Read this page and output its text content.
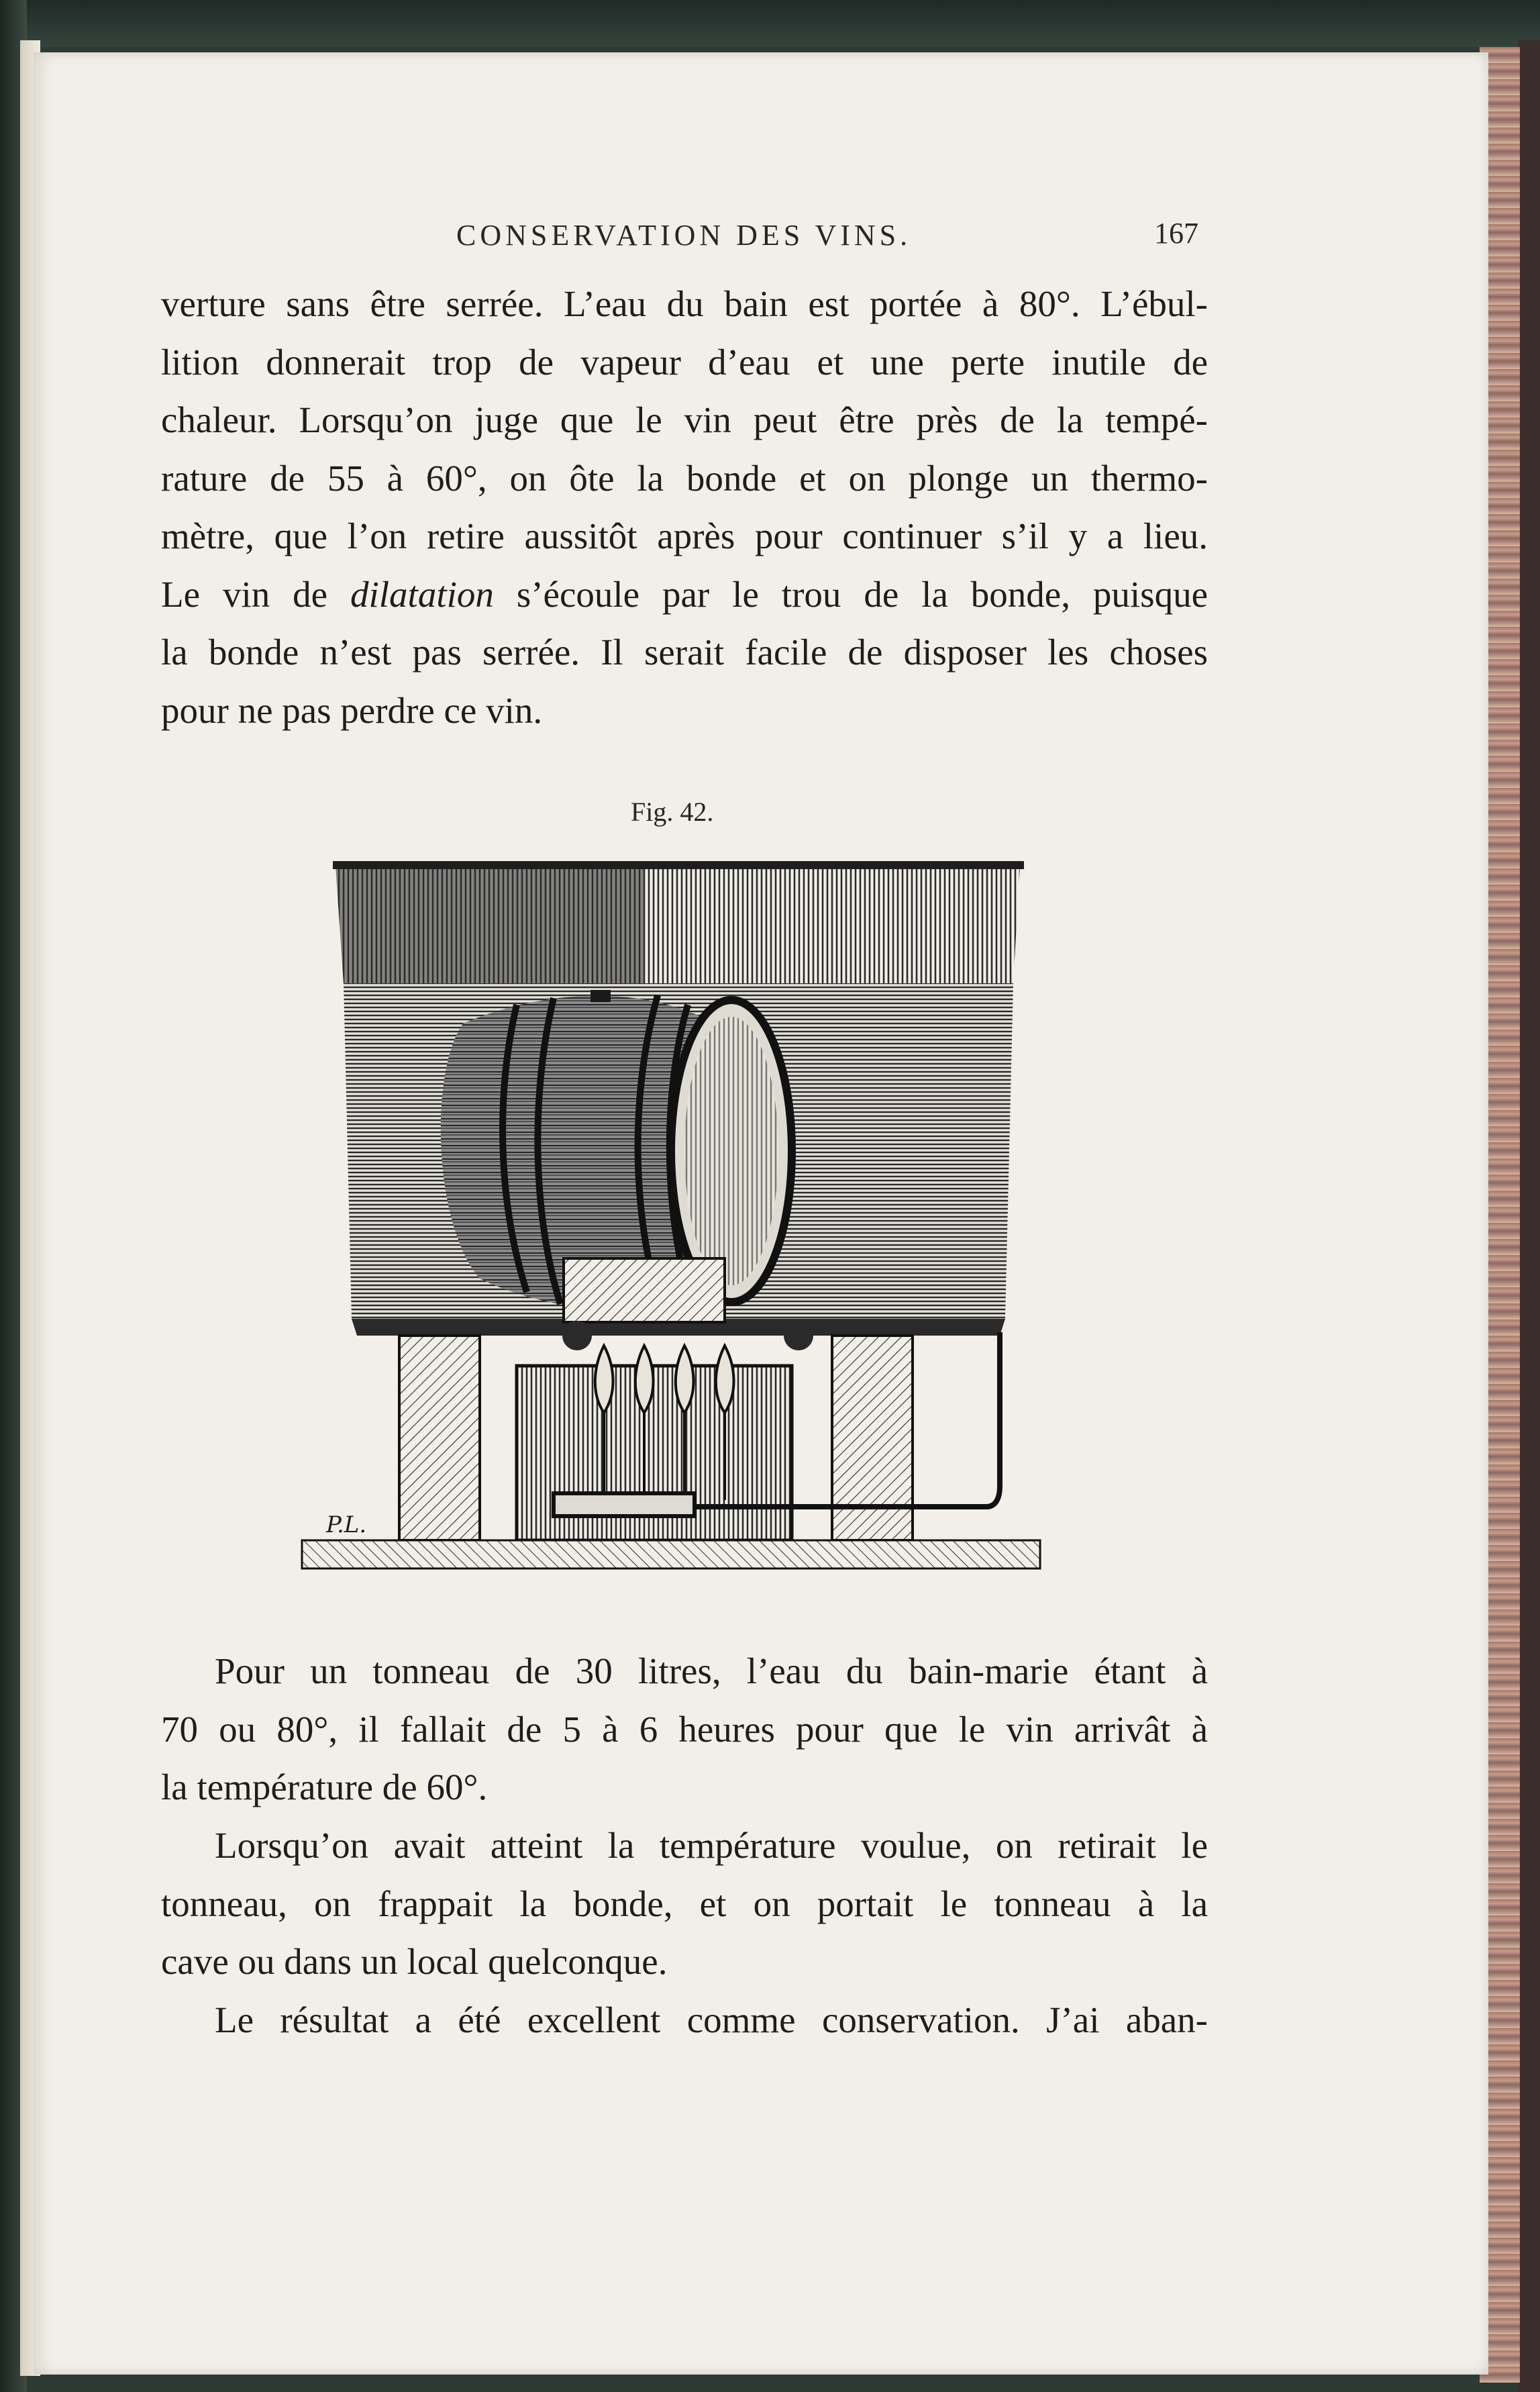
CONSERVATION DES VINS.	167
verture sans être serrée. L’eau du bain est portée à 80°. L’ébul-
lition donnerait trop de vapeur d’eau et une perte inutile de
chaleur. Lorsqu’on juge que le vin peut être près de la tempé-
rature de 55 à 60°, on ôte la bonde et on plonge un thermo-
mètre, que l’on retire aussitôt après pour continuer s’il y a lieu.
Le vin de dilatation s’écoule par le trou de la bonde, puisque
la bonde n’est pas serrée. Il serait facile de disposer les choses
pour ne pas perdre ce vin.
Fig. 42.
P.L.
Pour un tonneau de 30 litres, l’eau du bain-marie étant à
70 ou 80°, il fallait de 5 à 6 heures pour que le vin arrivât à
la température de 60°.
Lorsqu’on avait atteint la température voulue, on retirait le
tonneau, on frappait la bonde, et on portait le tonneau à la
cave ou dans un local quelconque.
Le résultat a été excellent comme conservation. J’ai aban-
